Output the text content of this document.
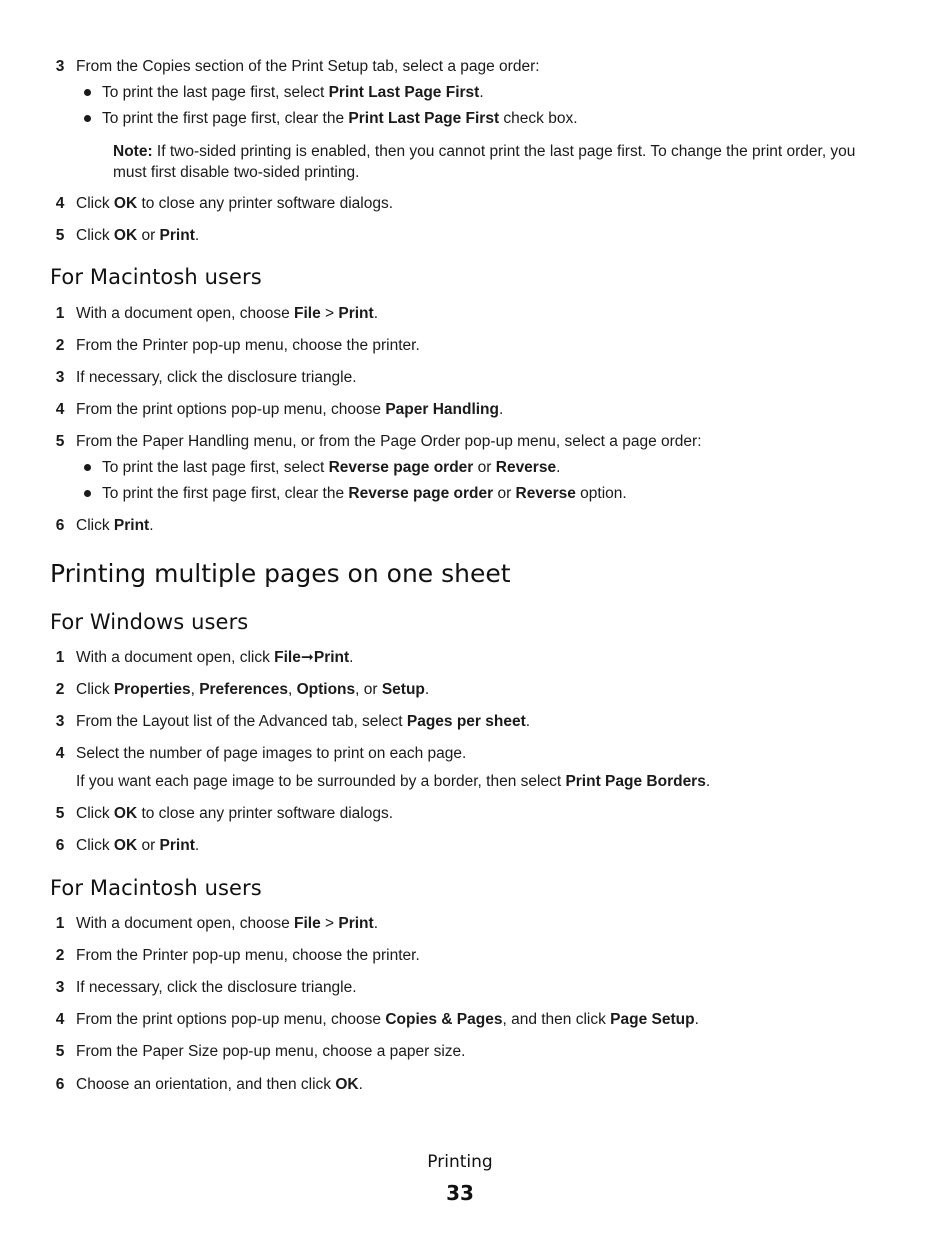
3 From the Copies section of the Print Setup tab, select a page order:
To print the last page first, select Print Last Page First.
To print the first page first, clear the Print Last Page First check box.
Note: If two-sided printing is enabled, then you cannot print the last page first. To change the print order, you must first disable two-sided printing.
4 Click OK to close any printer software dialogs.
5 Click OK or Print.
For Macintosh users
1 With a document open, choose File > Print.
2 From the Printer pop-up menu, choose the printer.
3 If necessary, click the disclosure triangle.
4 From the print options pop-up menu, choose Paper Handling.
5 From the Paper Handling menu, or from the Page Order pop-up menu, select a page order:
To print the last page first, select Reverse page order or Reverse.
To print the first page first, clear the Reverse page order or Reverse option.
6 Click Print.
Printing multiple pages on one sheet
For Windows users
1 With a document open, click File➞Print.
2 Click Properties, Preferences, Options, or Setup.
3 From the Layout list of the Advanced tab, select Pages per sheet.
4 Select the number of page images to print on each page.
If you want each page image to be surrounded by a border, then select Print Page Borders.
5 Click OK to close any printer software dialogs.
6 Click OK or Print.
For Macintosh users
1 With a document open, choose File > Print.
2 From the Printer pop-up menu, choose the printer.
3 If necessary, click the disclosure triangle.
4 From the print options pop-up menu, choose Copies & Pages, and then click Page Setup.
5 From the Paper Size pop-up menu, choose a paper size.
6 Choose an orientation, and then click OK.
Printing
33
